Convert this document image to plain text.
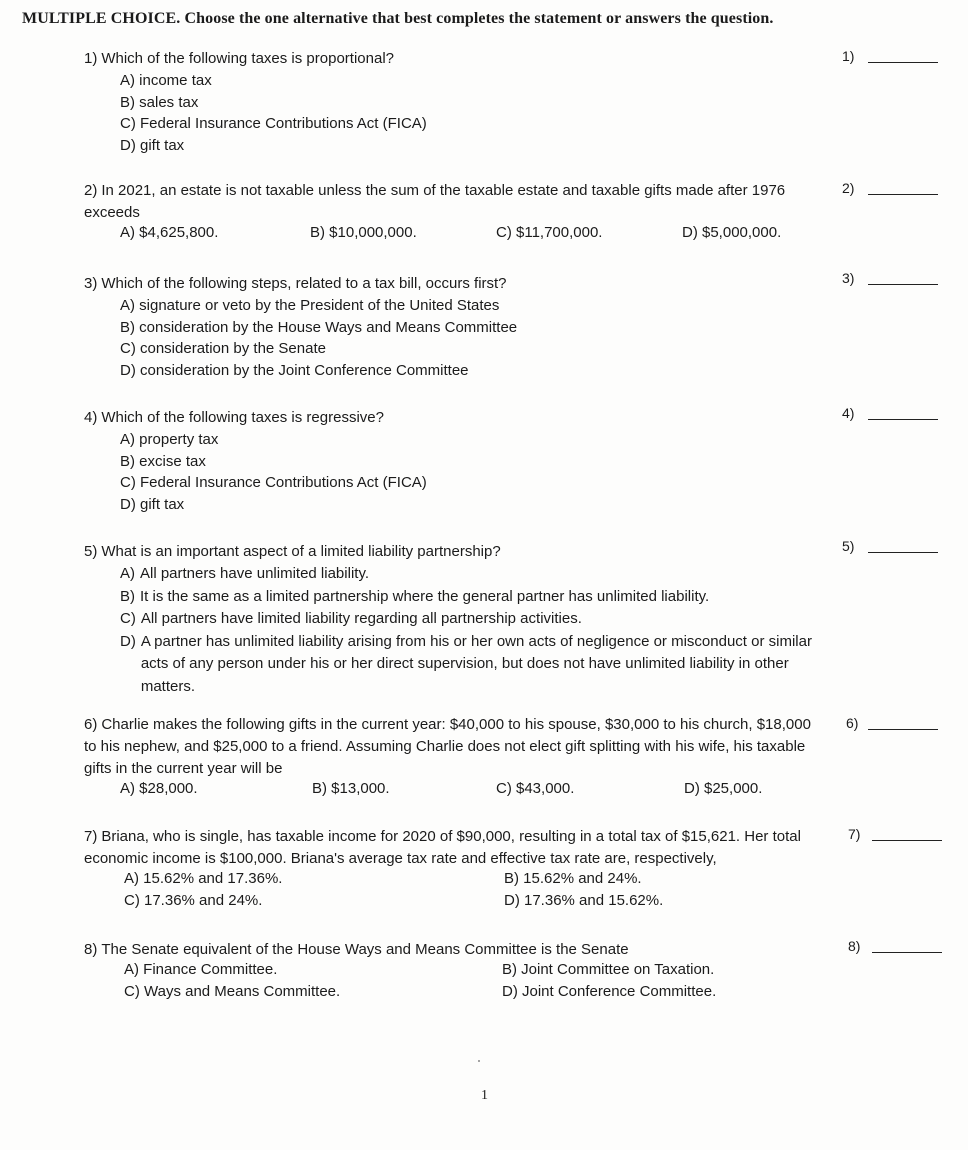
MULTIPLE CHOICE. Choose the one alternative that best completes the statement or answers the question.
1) Which of the following taxes is proportional?
A) income tax
B) sales tax
C) Federal Insurance Contributions Act (FICA)
D) gift tax
1)
2) In 2021, an estate is not taxable unless the sum of the taxable estate and taxable gifts made after 1976 exceeds
A) $4,625,800.	B) $10,000,000.	C) $11,700,000.	D) $5,000,000.
2)
3) Which of the following steps, related to a tax bill, occurs first?
A) signature or veto by the President of the United States
B) consideration by the House Ways and Means Committee
C) consideration by the Senate
D) consideration by the Joint Conference Committee
3)
4) Which of the following taxes is regressive?
A) property tax
B) excise tax
C) Federal Insurance Contributions Act (FICA)
D) gift tax
4)
5) What is an important aspect of a limited liability partnership?
A) All partners have unlimited liability.
B) It is the same as a limited partnership where the general partner has unlimited liability.
C) All partners have limited liability regarding all partnership activities.
D) A partner has unlimited liability arising from his or her own acts of negligence or misconduct or similar acts of any person under his or her direct supervision, but does not have unlimited liability in other matters.
5)
6) Charlie makes the following gifts in the current year: $40,000 to his spouse, $30,000 to his church, $18,000 to his nephew, and $25,000 to a friend. Assuming Charlie does not elect gift splitting with his wife, his taxable gifts in the current year will be
A) $28,000.	B) $13,000.	C) $43,000.	D) $25,000.
6)
7) Briana, who is single, has taxable income for 2020 of $90,000, resulting in a total tax of $15,621. Her total economic income is $100,000. Briana's average tax rate and effective tax rate are, respectively,
A) 15.62% and 17.36%.	B) 15.62% and 24%.
C) 17.36% and 24%.	D) 17.36% and 15.62%.
7)
8) The Senate equivalent of the House Ways and Means Committee is the Senate
A) Finance Committee.	B) Joint Committee on Taxation.
C) Ways and Means Committee.	D) Joint Conference Committee.
8)
1
